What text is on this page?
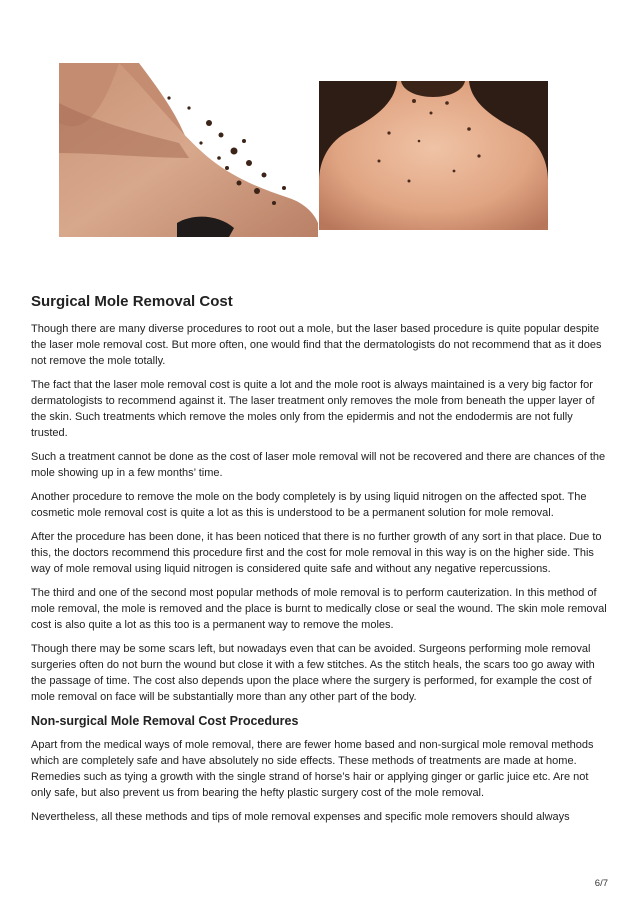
Surgical Mole Removal Cost

Though there are many diverse procedures to root out a mole, but the laser based procedure is quite popular despite the laser mole removal cost. But more often, one would find that the dermatologists do not recommend that as it does not remove the mole totally.

The fact that the laser mole removal cost is quite a lot and the mole root is always maintained is a very big factor for dermatologists to recommend against it. The laser treatment only removes the mole from beneath the upper layer of the skin. Such treatments which remove the moles only from the epidermis and not the endodermis are not fully trusted.

Such a treatment cannot be done as the cost of laser mole removal will not be recovered and there are chances of the mole showing up in a few months’ time.

Another procedure to remove the mole on the body completely is by using liquid nitrogen on the affected spot. The cosmetic mole removal cost is quite a lot as this is understood to be a permanent solution for mole removal.

After the procedure has been done, it has been noticed that there is no further growth of any sort in that place. Due to this, the doctors recommend this procedure first and the cost for mole removal in this way is on the higher side. This way of mole removal using liquid nitrogen is considered quite safe and without any negative repercussions.

The third and one of the second most popular methods of mole removal is to perform cauterization. In this method of mole removal, the mole is removed and the place is burnt to medically close or seal the wound. The skin mole removal cost is also quite a lot as this too is a permanent way to remove the moles.

Though there may be some scars left, but nowadays even that can be avoided. Surgeons performing mole removal surgeries often do not burn the wound but close it with a few stitches. As the stitch heals, the scars too go away with the passage of time. The cost also depends upon the place where the surgery is performed, for example the cost of mole removal on face will be substantially more than any other part of the body.

Non-surgical Mole Removal Cost Procedures

Apart from the medical ways of mole removal, there are fewer home based and non-surgical mole removal methods which are completely safe and have absolutely no side effects. These methods of treatments are made at home. Remedies such as tying a growth with the single strand of horse’s hair or applying ginger or garlic juice etc. Are not only safe, but also prevent us from bearing the hefty plastic surgery cost of the mole removal.

Nevertheless, all these methods and tips of mole removal expenses and specific mole removers should always

6/7
